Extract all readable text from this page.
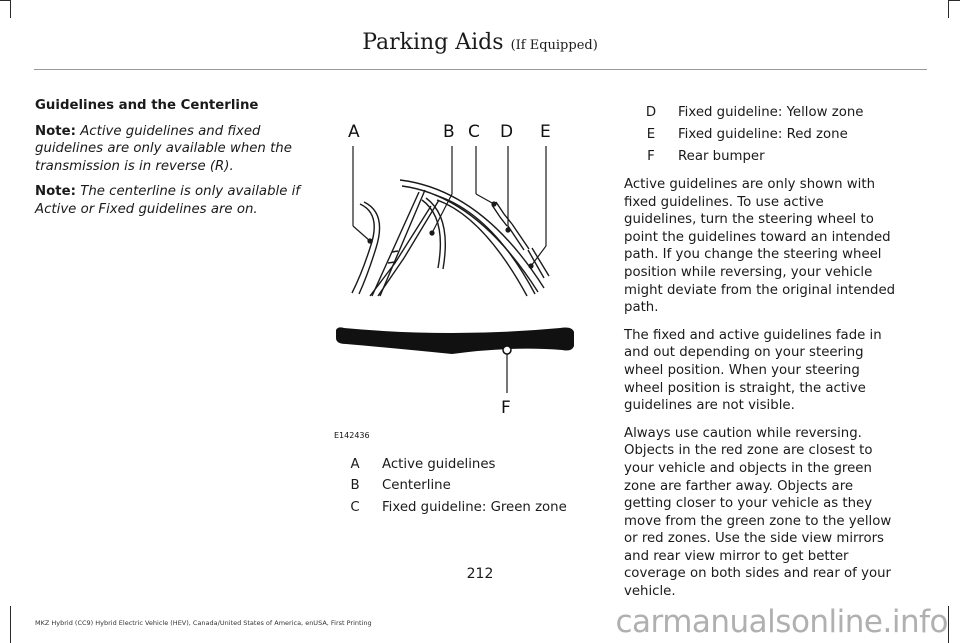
Parking Aids (If Equipped)
Guidelines and the Centerline
Note: Active guidelines and fixed guidelines are only available when the transmission is in reverse (R).
Note: The centerline is only available if Active or Fixed guidelines are on.
A	B C D E
F
E142436
A	Active guidelines
B	Centerline
C	Fixed guideline: Green zone
D	Fixed guideline: Yellow zone
E	Fixed guideline: Red zone
F	Rear bumper
Active guidelines are only shown with fixed guidelines. To use active guidelines, turn the steering wheel to point the guidelines toward an intended path. If you change the steering wheel position while reversing, your vehicle might deviate from the original intended path.
The fixed and active guidelines fade in and out depending on your steering wheel position. When your steering wheel position is straight, the active guidelines are not visible.
Always use caution while reversing. Objects in the red zone are closest to your vehicle and objects in the green zone are farther away. Objects are getting closer to your vehicle as they move from the green zone to the yellow or red zones. Use the side view mirrors and rear view mirror to get better coverage on both sides and rear of your vehicle.
212
MKZ Hybrid (CC9) Hybrid Electric Vehicle (HEV), Canada/United States of America, enUSA, First Printing	carmanualsonline.info
